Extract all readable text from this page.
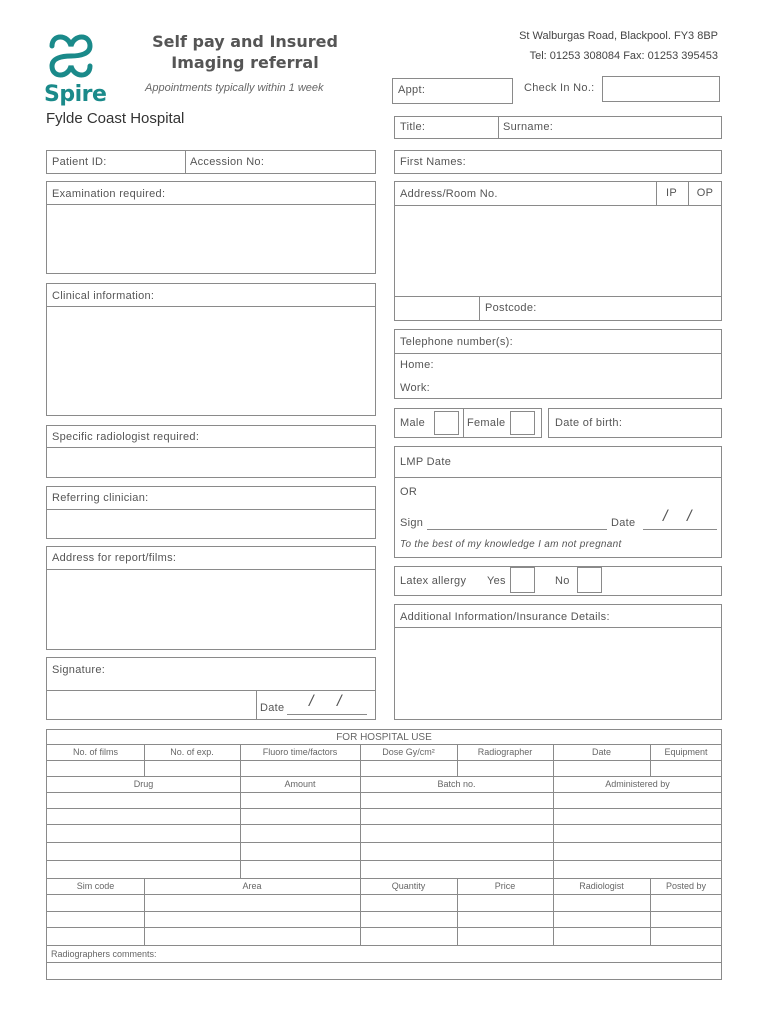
Spire
Fylde Coast Hospital
Self pay and Insured
Imaging referral
Appointments typically within 1 week
St Walburgas Road, Blackpool. FY3 8BP
Tel: 01253 308084 Fax: 01253 395453
Appt:	Check In No.:
Title:	Surname:
Patient ID:	Accession No:	First Names:
Examination required:	Address/Room No.
Postcode:
IP	OP
Clinical information:
Telephone number(s):
Home:
Work:
Male	Female	Date of birth:
Specific radiologist required:
LMP Date
OR
Sign	Date / /
To the best of my knowledge I am not pregnant
Referring clinician:
Address for report/films:
Latex allergy Yes	No
Additional Information/Insurance Details:
Signature:
Date / /
FOR HOSPITAL USE
No. of films	No. of exp.	Fluoro time/factors	Dose Gy/cm²	Radiographer	Date	Equipment
Drug	Amount	Batch no.	Administered by
Sim code	Area	Quantity	Price	Radiologist	Posted by
Radiographers comments:
